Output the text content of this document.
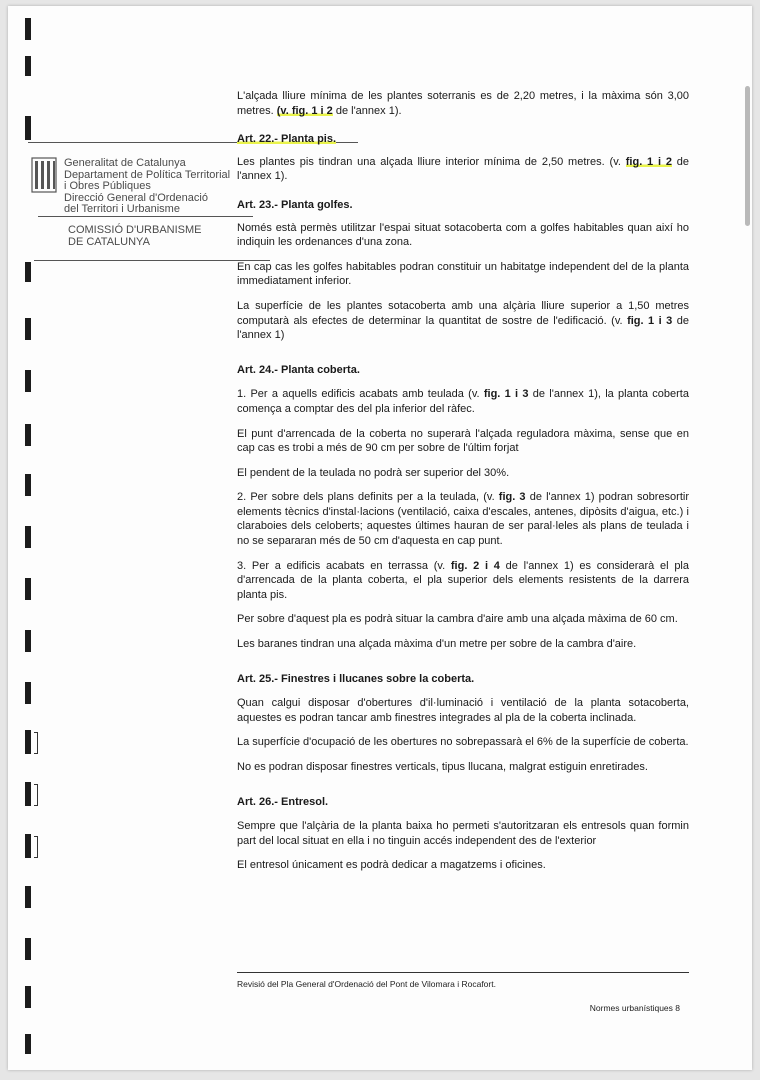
Generalitat de Catalunya
Departament de Política Territorial
i Obres Públiques
Direcció General d'Ordenació
del Territori i Urbanisme
COMISSIÓ D'URBANISME
DE CATALUNYA

L'alçada lliure mínima de les plantes soterranis es de 2,20 metres, i la màxima són 3,00 metres. (v. fig. 1 i 2 de l'annex 1).

Art. 22.- Planta pis.

Les plantes pis tindran una alçada lliure interior mínima de 2,50 metres. (v. fig. 1 i 2 de l'annex 1).

Art. 23.- Planta golfes.

Només està permès utilitzar l'espai situat sotacoberta com a golfes habitables quan així ho indiquin les ordenances d'una zona.

En cap cas les golfes habitables podran constituir un habitatge independent del de la planta immediatament inferior.

La superfície de les plantes sotacoberta amb una alçària lliure superior a 1,50 metres computarà als efectes de determinar la quantitat de sostre de l'edificació. (v. fig. 1 i 3 de l'annex 1)

Art. 24.- Planta coberta.

1. Per a aquells edificis acabats amb teulada (v. fig. 1 i 3 de l'annex 1), la planta coberta comença a comptar des del pla inferior del ràfec.

El punt d'arrencada de la coberta no superarà l'alçada reguladora màxima, sense que en cap cas es trobi a més de 90 cm per sobre de l'últim forjat

El pendent de la teulada no podrà ser superior del 30%.

2. Per sobre dels plans definits per a la teulada, (v. fig. 3 de l'annex 1) podran sobresortir elements tècnics d'instal·lacions (ventilació, caixa d'escales, antenes, dipòsits d'aigua, etc.) i claraboies dels celoberts; aquestes últimes hauran de ser paral·leles als plans de teulada i no se separaran més de 50 cm d'aquesta en cap punt.

3. Per a edificis acabats en terrassa (v. fig. 2 i 4 de l'annex 1) es considerarà el pla d'arrencada de la planta coberta, el pla superior dels elements resistents de la darrera planta pis.

Per sobre d'aquest pla es podrà situar la cambra d'aire amb una alçada màxima de 60 cm.

Les baranes tindran una alçada màxima d'un metre per sobre de la cambra d'aire.

Art. 25.- Finestres i llucanes sobre la coberta.

Quan calgui disposar d'obertures d'il·luminació i ventilació de la planta sotacoberta, aquestes es podran tancar amb finestres integrades al pla de la coberta inclinada.

La superfície d'ocupació de les obertures no sobrepassarà el 6% de la superfície de coberta.

No es podran disposar finestres verticals, tipus llucana, malgrat estiguin enretirades.

Art. 26.- Entresol.

Sempre que l'alçària de la planta baixa ho permeti s'autoritzaran els entresols quan formin part del local situat en ella i no tinguin accés independent des de l'exterior

El entresol únicament es podrà dedicar a magatzems i oficines.

Revisió del Pla General d'Ordenació del Pont de Vilomara i Rocafort.
Normes urbanístiques 8
